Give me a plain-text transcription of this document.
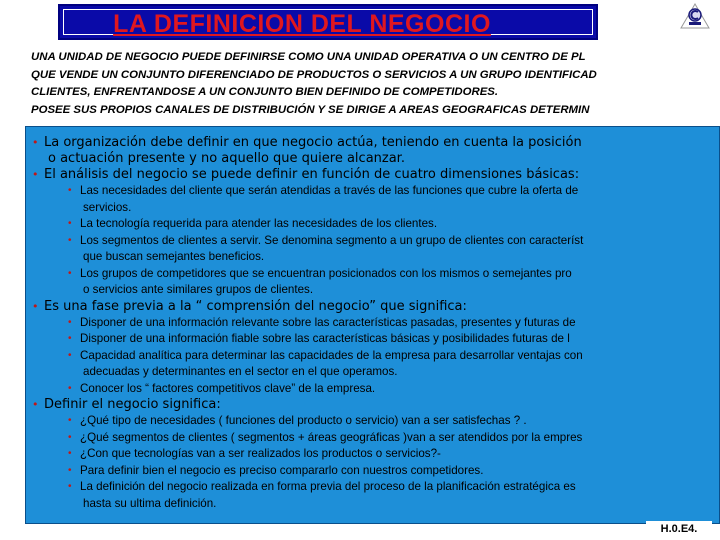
LA DEFINICION DEL NEGOCIO
UNA UNIDAD DE NEGOCIO PUEDE DEFINIRSE COMO UNA UNIDAD OPERATIVA O UN CENTRO DE PL
QUE VENDE UN CONJUNTO DIFERENCIADO DE PRODUCTOS O SERVICIOS A UN GRUPO IDENTIFICAD
CLIENTES, ENFRENTANDOSE A UN CONJUNTO BIEN DEFINIDO DE COMPETIDORES.
POSEE SUS PROPIOS CANALES DE DISTRIBUCIÓN Y SE DIRIGE A AREAS GEOGRAFICAS DETERMIN
• La organización debe definir en que negocio actúa, teniendo en cuenta la posición
o actuación presente y no aquello que quiere alcanzar.
• El análisis del negocio se puede definir en función de cuatro dimensiones básicas:
• Las necesidades del cliente que serán atendidas a través de las funciones que cubre la oferta de
servicios.
• La tecnología requerida para atender las necesidades de los clientes.
• Los segmentos de clientes a servir. Se denomina segmento a un grupo de clientes con característ
que buscan semejantes beneficios.
• Los grupos de competidores que se encuentran posicionados con los mismos o semejantes pro
o servicios ante similares grupos de clientes.
• Es una fase previa a la “ comprensión del negocio” que significa:
• Disponer de una información relevante sobre las características pasadas, presentes y futuras de
• Disponer de una información fiable sobre las características básicas y posibilidades futuras de l
• Capacidad analítica para determinar las capacidades de la empresa para desarrollar ventajas con
adecuadas y determinantes en el sector en el que operamos.
• Conocer los “ factores competitivos clave” de la empresa.
• Definir el negocio significa:
• ¿Qué tipo de necesidades ( funciones del producto o servicio) van a ser satisfechas ? .
• ¿Qué segmentos de clientes ( segmentos + áreas geográficas )van a ser atendidos por la empres
• ¿Con que tecnologías van a ser realizados los productos o servicios?-
• Para definir bien el negocio es preciso compararlo con nuestros competidores.
• La definición del negocio realizada en forma previa del proceso de la planificación estratégica es
hasta su ultima definición.
H.0.E4.
